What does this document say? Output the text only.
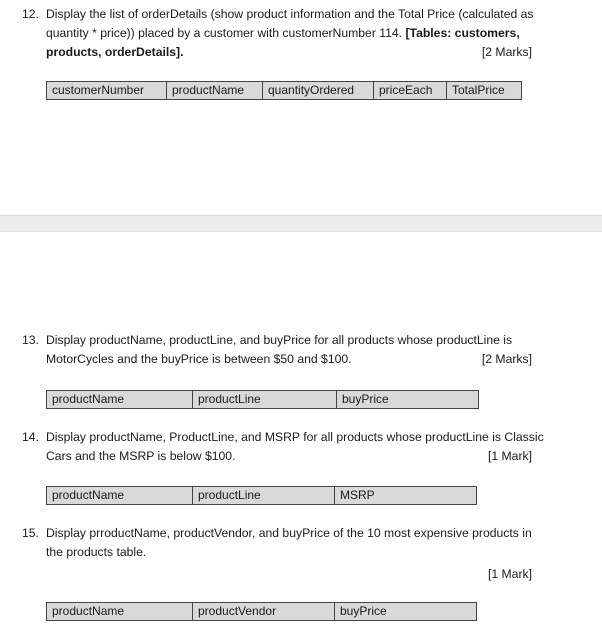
12. Display the list of orderDetails (show product information and the Total Price (calculated as
quantity * price)) placed by a customer with customerNumber 114. [Tables: customers,
products, orderDetails].	[2 Marks]
customerNumber	productName	quantityOrdered	priceEach	TotalPrice
13. Display productName, productLine, and buyPrice for all products whose productLine is
MotorCycles and the buyPrice is between $50 and $100.	[2 Marks]
productName	productLine	buyPrice
14. Display productName, ProductLine, and MSRP for all products whose productLine is Classic
Cars and the MSRP is below $100.	[1 Mark]
productName	productLine	MSRP
15. Display prroductName, productVendor, and buyPrice of the 10 most expensive products in
the products table.
[1 Mark]
productName	productVendor	buyPrice
